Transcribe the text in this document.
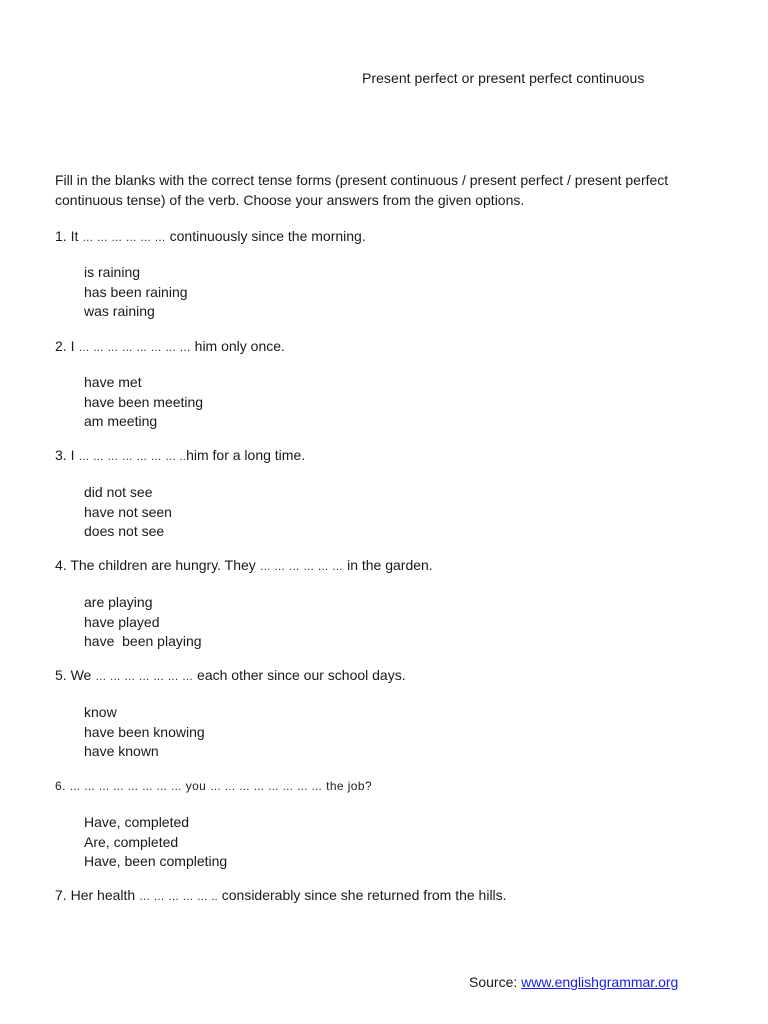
Present perfect or present perfect continuous
Fill in the blanks with the correct tense forms (present continuous / present perfect / present perfect continuous tense) of the verb. Choose your answers from the given options.
1. It … … … … … … continuously since the morning.
is raining
has been raining
was raining
2. I … … … … … … … … him only once.
have met
have been meeting
am meeting
3. I … … … … … … … ..him for a long time.
did not see
have not seen
does not see
4. The children are hungry. They … … … … … … in the garden.
are playing
have played
have  been playing
5. We … … … … … … … each other since our school days.
know
have been knowing
have known
6. … … … … … … … … you … … … … … … … … the job?
Have, completed
Are, completed
Have, been completing
7. Her health … … … … … .. considerably since she returned from the hills.
Source: www.englishgrammar.org
